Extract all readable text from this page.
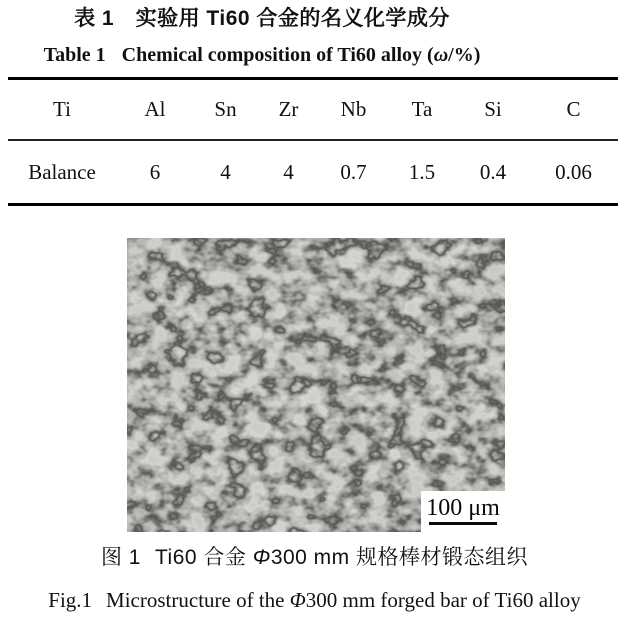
表 1　实验用 Ti60 合金的名义化学成分
Table 1 Chemical composition of Ti60 alloy (ω/%)
Ti	Al	Sn	Zr	Nb	Ta	Si	C
Balance	6	4	4	0.7	1.5	0.4	0.06
100 μm
图 1 Ti60 合金 Φ300 mm 规格棒材锻态组织
Fig.1 Microstructure of the Φ300 mm forged bar of Ti60 alloy
